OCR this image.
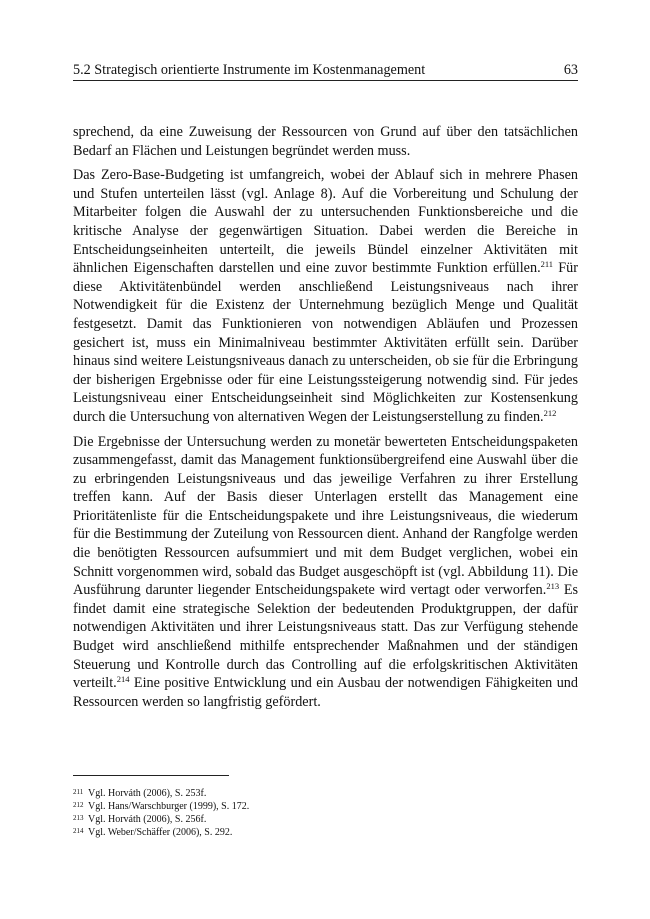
5.2 Strategisch orientierte Instrumente im Kostenmanagement	63

sprechend, da eine Zuweisung der Ressourcen von Grund auf über den tatsächlichen Bedarf an Flächen und Leistungen begründet werden muss.

Das Zero-Base-Budgeting ist umfangreich, wobei der Ablauf sich in mehrere Phasen und Stufen unterteilen lässt (vgl. Anlage 8). Auf die Vorbereitung und Schulung der Mitarbeiter folgen die Auswahl der zu untersuchenden Funktionsbereiche und die kritische Analyse der gegenwärtigen Situation. Dabei werden die Bereiche in Entscheidungseinheiten unterteilt, die jeweils Bündel einzelner Aktivitäten mit ähnlichen Eigenschaften darstellen und eine zuvor bestimmte Funktion erfüllen.$^{211}$ Für diese Aktivitätenbündel werden anschließend Leistungsniveaus nach ihrer Notwendigkeit für die Existenz der Unternehmung bezüglich Menge und Qualität festgesetzt. Damit das Funktionieren von notwendigen Abläufen und Prozessen gesichert ist, muss ein Minimalniveau bestimmter Aktivitäten erfüllt sein. Darüber hinaus sind weitere Leistungsniveaus danach zu unterscheiden, ob sie für die Erbringung der bisherigen Ergebnisse oder für eine Leistungssteigerung notwendig sind. Für jedes Leistungsniveau einer Entscheidungseinheit sind Möglichkeiten zur Kostensenkung durch die Untersuchung von alternativen Wegen der Leistungserstellung zu finden.$^{212}$

Die Ergebnisse der Untersuchung werden zu monetär bewerteten Entscheidungspaketen zusammengefasst, damit das Management funktionsübergreifend eine Auswahl über die zu erbringenden Leistungsniveaus und das jeweilige Verfahren zu ihrer Erstellung treffen kann. Auf der Basis dieser Unterlagen erstellt das Management eine Prioritätenliste für die Entscheidungspakete und ihre Leistungsniveaus, die wiederum für die Bestimmung der Zuteilung von Ressourcen dient. Anhand der Rangfolge werden die benötigten Ressourcen aufsummiert und mit dem Budget verglichen, wobei ein Schnitt vorgenommen wird, sobald das Budget ausgeschöpft ist (vgl. Abbildung 11). Die Ausführung darunter liegender Entscheidungspakete wird vertagt oder verworfen.$^{213}$ Es findet damit eine strategische Selektion der bedeutenden Produktgruppen, der dafür notwendigen Aktivitäten und ihrer Leistungsniveaus statt. Das zur Verfügung stehende Budget wird anschließend mithilfe entsprechender Maßnahmen und der ständigen Steuerung und Kontrolle durch das Controlling auf die erfolgskritischen Aktivitäten verteilt.$^{214}$ Eine positive Entwicklung und ein Ausbau der notwendigen Fähigkeiten und Ressourcen werden so langfristig gefördert.

211 Vgl. Horváth (2006), S. 253f.
212 Vgl. Hans/Warschburger (1999), S. 172.
213 Vgl. Horváth (2006), S. 256f.
214 Vgl. Weber/Schäffer (2006), S. 292.
